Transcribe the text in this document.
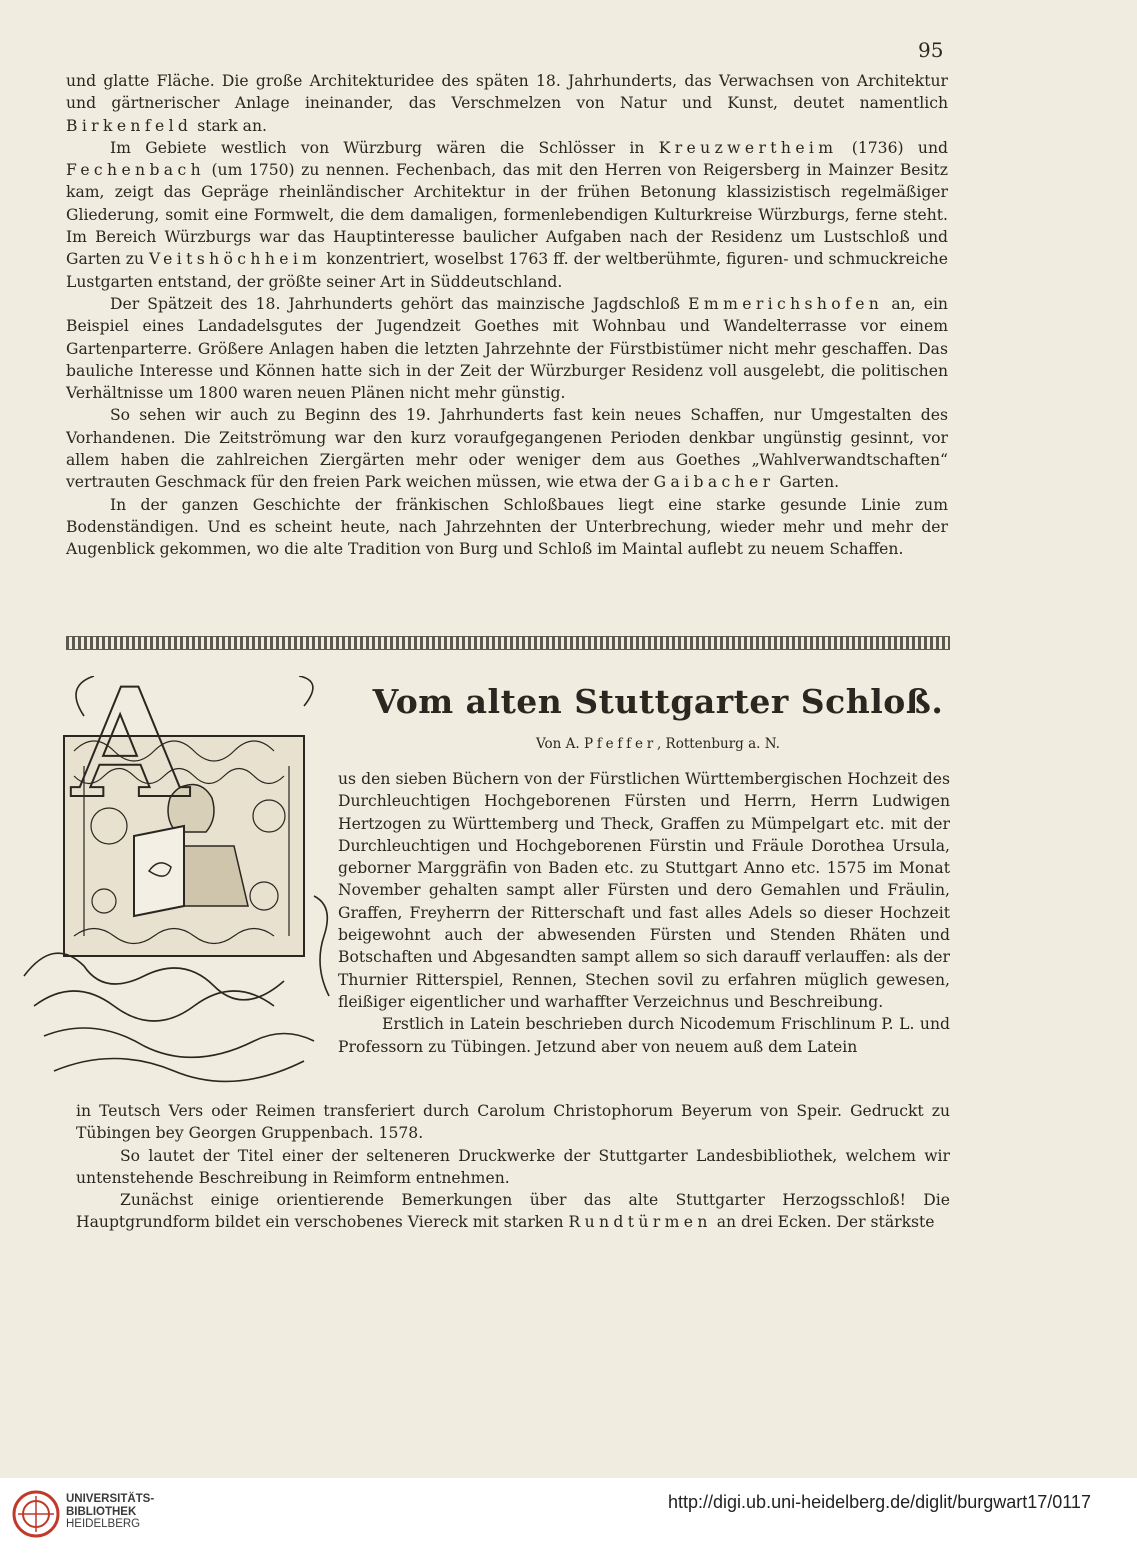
95

und glatte Fläche. Die große Architekturidee des späten 18. Jahrhunderts, das Verwachsen von Architektur und gärtnerischer Anlage ineinander, das Verschmelzen von Natur und Kunst, deutet namentlich Birkenfeld stark an.

Im Gebiete westlich von Würzburg wären die Schlösser in Kreuzwertheim (1736) und Fechenbach (um 1750) zu nennen. Fechenbach, das mit den Herren von Reigersberg in Mainzer Besitz kam, zeigt das Gepräge rheinländischer Architektur in der frühen Betonung klassizistisch regelmäßiger Gliederung, somit eine Formwelt, die dem damaligen, formenlebendigen Kulturkreise Würzburgs, ferne steht. Im Bereich Würzburgs war das Hauptinteresse baulicher Aufgaben nach der Residenz um Lustschloß und Garten zu Veitshöchheim konzentriert, woselbst 1763 ff. der weltberühmte, figuren- und schmuckreiche Lustgarten entstand, der größte seiner Art in Süddeutschland.

Der Spätzeit des 18. Jahrhunderts gehört das mainzische Jagdschloß Emmerichshofen an, ein Beispiel eines Landadelsgutes der Jugendzeit Goethes mit Wohnbau und Wandelterrasse vor einem Gartenparterre. Größere Anlagen haben die letzten Jahrzehnte der Fürstbistümer nicht mehr geschaffen. Das bauliche Interesse und Können hatte sich in der Zeit der Würzburger Residenz voll ausgelebt, die politischen Verhältnisse um 1800 waren neuen Plänen nicht mehr günstig.

So sehen wir auch zu Beginn des 19. Jahrhunderts fast kein neues Schaffen, nur Umgestalten des Vorhandenen. Die Zeitströmung war den kurz voraufgegangenen Perioden denkbar ungünstig gesinnt, vor allem haben die zahlreichen Ziergärten mehr oder weniger dem aus Goethes „Wahlverwandtschaften“ vertrauten Geschmack für den freien Park weichen müssen, wie etwa der Gaibacher Garten.

In der ganzen Geschichte der fränkischen Schloßbaues liegt eine starke gesunde Linie zum Bodenständigen. Und es scheint heute, nach Jahrzehnten der Unterbrechung, wieder mehr und mehr der Augenblick gekommen, wo die alte Tradition von Burg und Schloß im Maintal auflebt zu neuem Schaffen.

Vom alten Stuttgarter Schloß.
Von A. Pfeffer, Rottenburg a. N.
A	us den sieben Büchern von der Fürstlichen Württembergischen Hochzeit des Durchleuchtigen Hochgeborenen Fürsten und Herrn, Herrn Ludwigen Hertzogen zu Württemberg und Theck, Graffen zu Mümpelgart etc. mit der Durchleuchtigen und Hochgeborenen Fürstin und Fräule Dorothea Ursula, geborner Marggräfin von Baden etc. zu Stuttgart Anno etc. 1575 im Monat November gehalten sampt aller Fürsten und dero Gemahlen und Fräulin, Graffen, Freyherrn der Ritterschaft und fast alles Adels so dieser Hochzeit beigewohnt auch der abwesenden Fürsten und Stenden Rhäten und Botschaften und Abgesandten sampt allem so sich darauff verlauffen: als der Thurnier Ritterspiel, Rennen, Stechen sovil zu erfahren müglich gewesen, fleißiger eigentlicher und warhaffter Verzeichnus und Beschreibung.

Erstlich in Latein beschrieben durch Nicodemum Frischlinum P. L. und Professorn zu Tübingen. Jetzund aber von neuem auß dem Latein

in Teutsch Vers oder Reimen transferiert durch Carolum Christophorum Beyerum von Speir. Gedruckt zu Tübingen bey Georgen Gruppenbach. 1578.

So lautet der Titel einer der selteneren Druckwerke der Stuttgarter Landesbibliothek, welchem wir untenstehende Beschreibung in Reimform entnehmen.

Zunächst einige orientierende Bemerkungen über das alte Stuttgarter Herzogsschloß! Die Hauptgrundform bildet ein verschobenes Viereck mit starken Rundtürmen an drei Ecken. Der stärkste

UNIVERSITÄTS-
BIBLIOTHEK
HEIDELBERG
http://digi.ub.uni-heidelberg.de/diglit/burgwart17/0117
